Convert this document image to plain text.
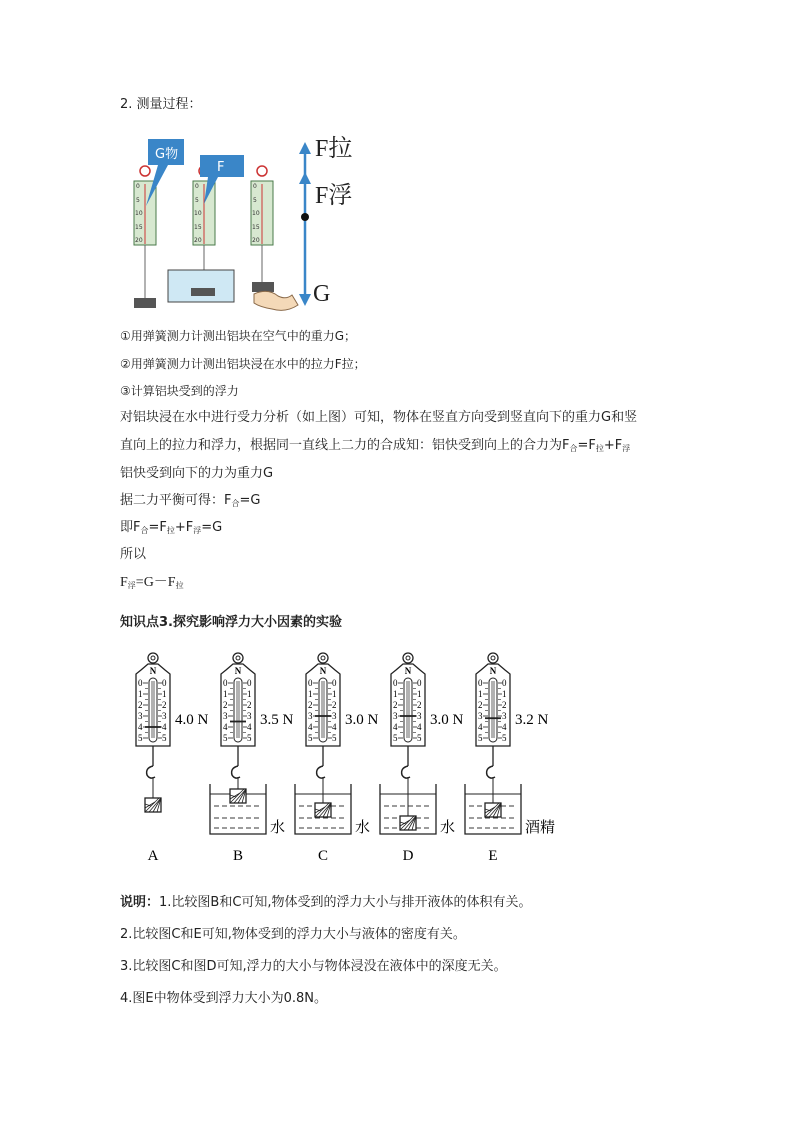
2. 测量过程：
0
5
10
15
20
G物
0
5
10
15
20
F
0
5
10
15
20
F拉
F浮
G
①用弹簧测力计测出铝块在空气中的重力G；
②用弹簧测力计测出铝块浸在水中的拉力F拉；
③计算铝块受到的浮力
对铝块浸在水中进行受力分析（如上图）可知，物体在竖直方向受到竖直向下的重力G和竖
直向上的拉力和浮力，根据同一直线上二力的合成知：铝快受到向上的合力为$F_合=F_拉+F_浮$
铝快受到向下的力为重力G
据二力平衡可得：$F_合=G$
即$F_合=F_拉+F_浮=G$
所以
$F_浮=G-F_拉$
知识点3.探究影响浮力大小因素的实验
N
0 0
1 1
2 2
3 3
4 4
5 5
4.0 N
A
N
0 0
1 1
2 2
3 3
4 4
5 5
3.5 N
水
B
N
0 0
1 1
2 2
3 3
4 4
5 5
3.0 N
水
C
N
0 0
1 1
2 2
3 3
4 4
5 5
3.0 N
水
D
N
0 0
1 1
2 2
3 3
4 4
5 5
3.2 N
酒精
E
说明：1.比较图B和C可知,物体受到的浮力大小与排开液体的体积有关。
2.比较图C和E可知,物体受到的浮力大小与液体的密度有关。
3.比较图C和图D可知,浮力的大小与物体浸没在液体中的深度无关。
4.图E中物体受到浮力大小为0.8N。
